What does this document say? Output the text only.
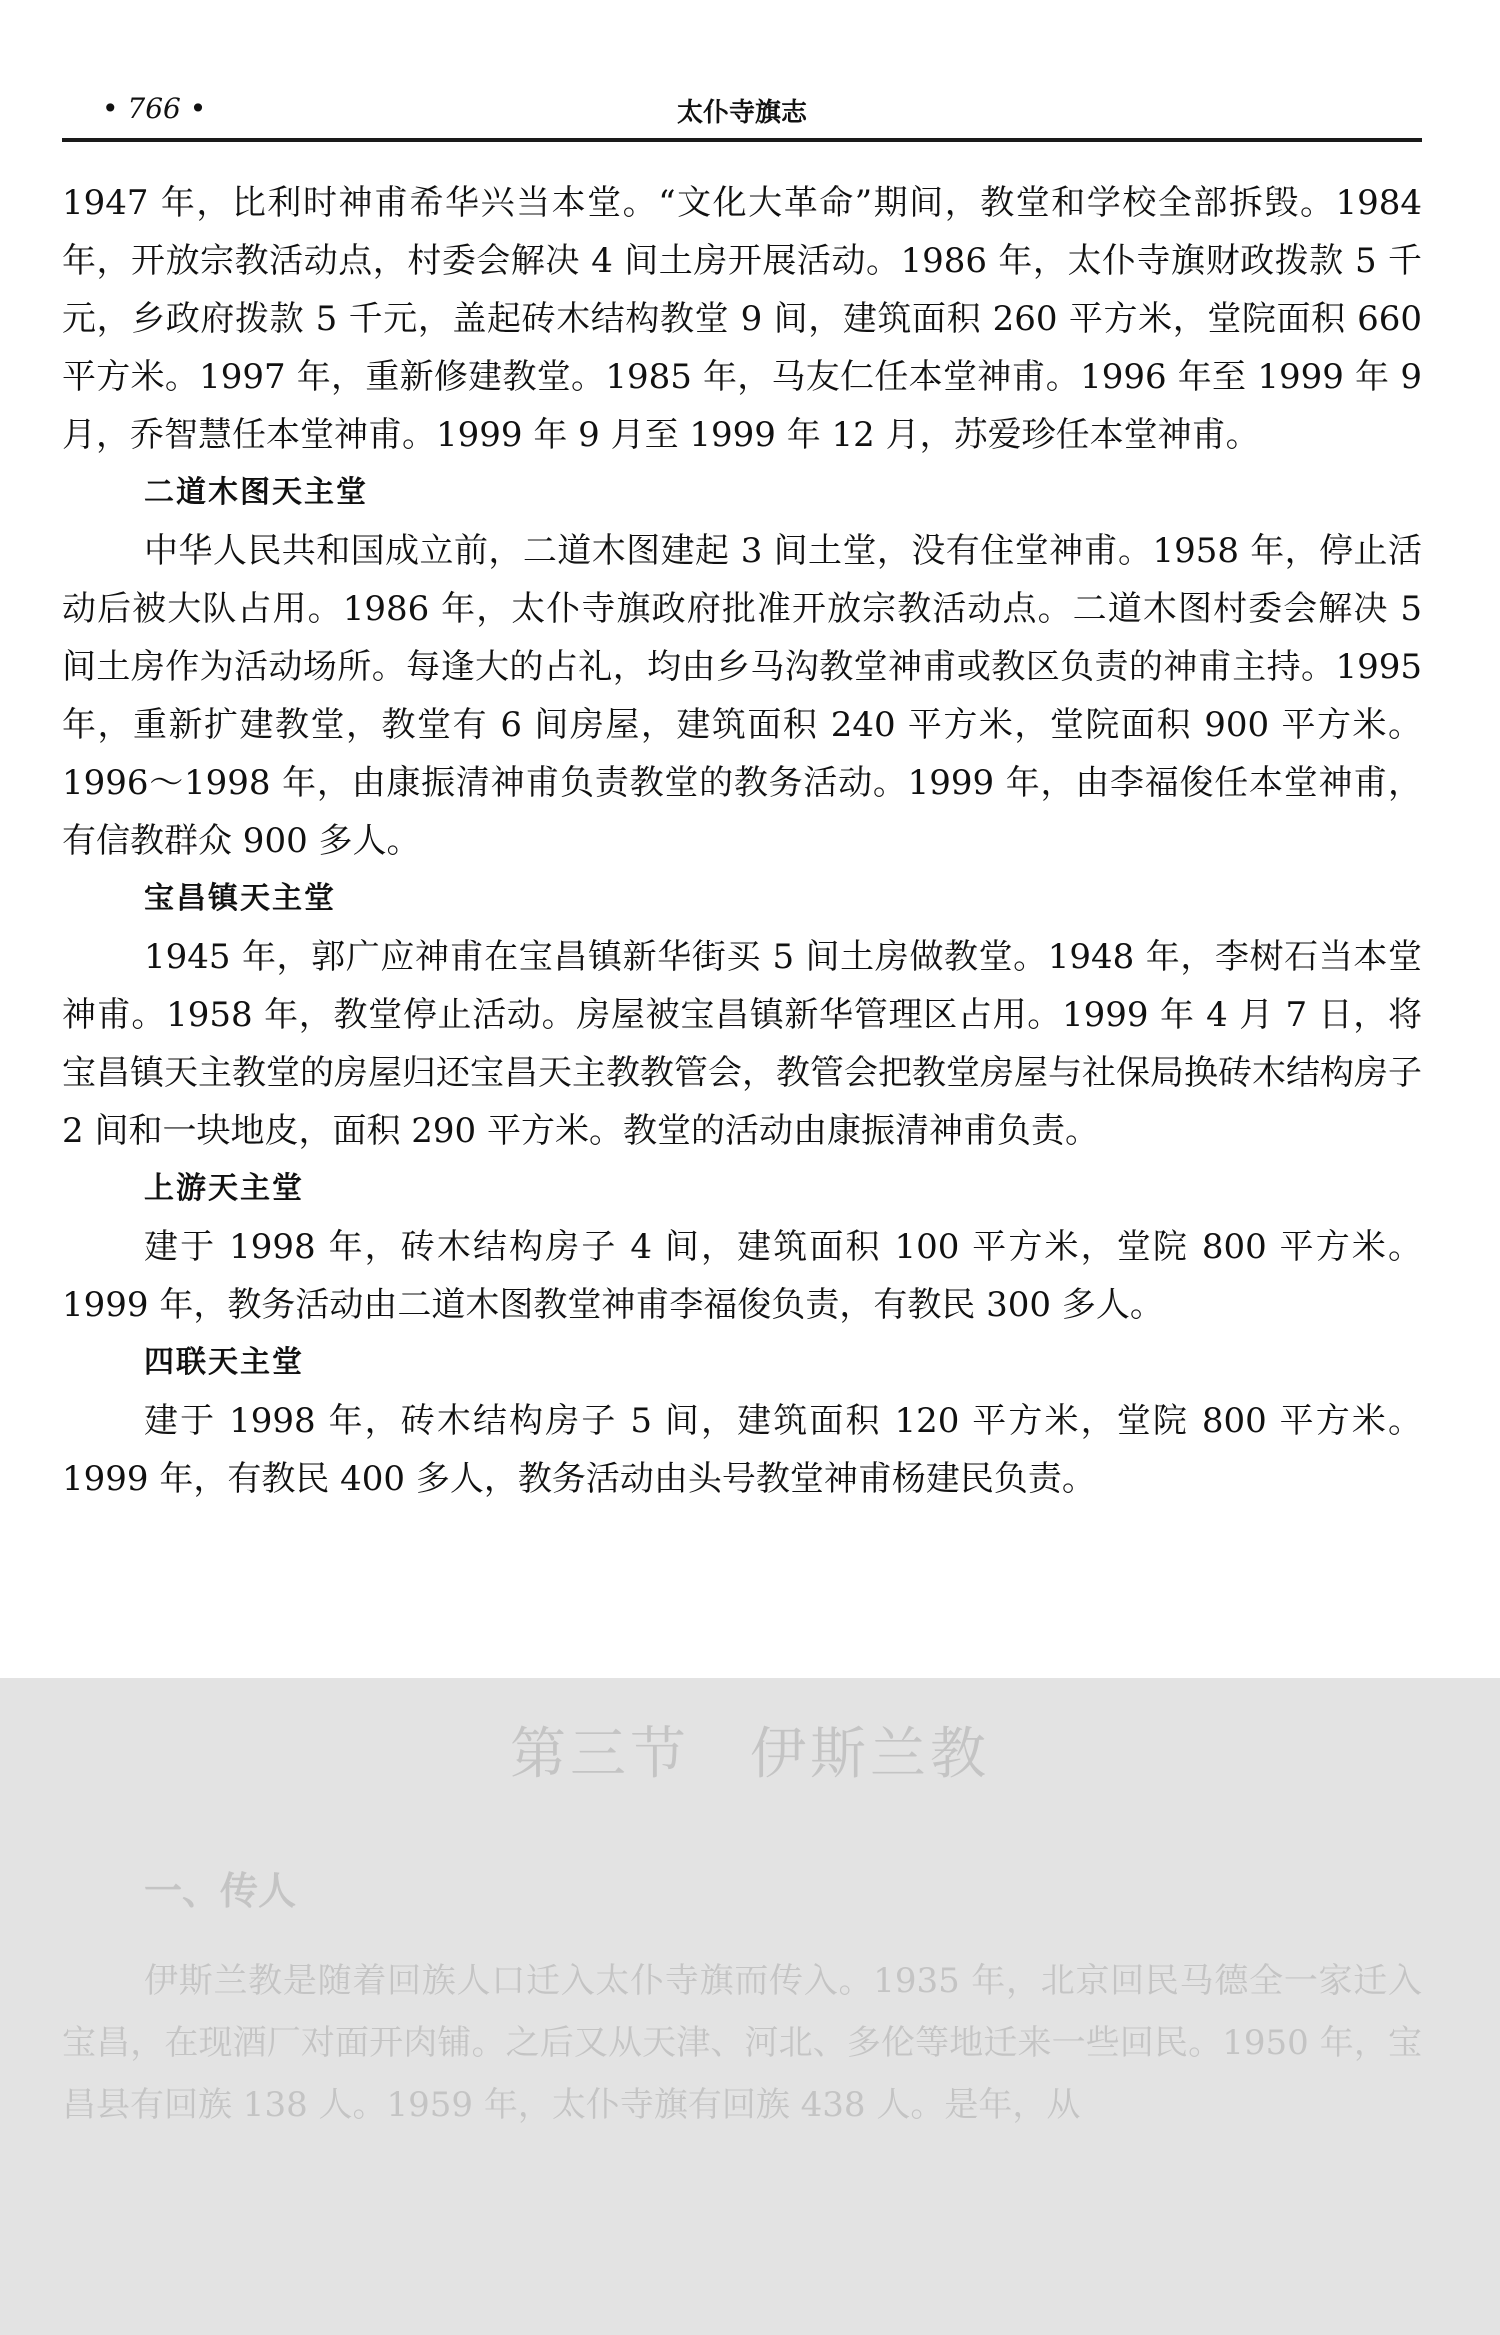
• 766 •	太仆寺旗志

1947 年，比利时神甫希华兴当本堂。“文化大革命”期间，教堂和学校全部拆毁。1984 年，开放宗教活动点，村委会解决 4 间土房开展活动。1986 年，太仆寺旗财政拨款 5 千元，乡政府拨款 5 千元，盖起砖木结构教堂 9 间，建筑面积 260 平方米，堂院面积 660 平方米。1997 年，重新修建教堂。1985 年，马友仁任本堂神甫。1996 年至 1999 年 9 月，乔智慧任本堂神甫。1999 年 9 月至 1999 年 12 月，苏爱珍任本堂神甫。

二道木图天主堂

中华人民共和国成立前，二道木图建起 3 间土堂，没有住堂神甫。1958 年，停止活动后被大队占用。1986 年，太仆寺旗政府批准开放宗教活动点。二道木图村委会解决 5 间土房作为活动场所。每逢大的占礼，均由乡马沟教堂神甫或教区负责的神甫主持。1995 年，重新扩建教堂，教堂有 6 间房屋，建筑面积 240 平方米，堂院面积 900 平方米。1996～1998 年，由康振清神甫负责教堂的教务活动。1999 年，由李福俊任本堂神甫，有信教群众 900 多人。

宝昌镇天主堂

1945 年，郭广应神甫在宝昌镇新华街买 5 间土房做教堂。1948 年，李树石当本堂神甫。1958 年，教堂停止活动。房屋被宝昌镇新华管理区占用。1999 年 4 月 7 日，将宝昌镇天主教堂的房屋归还宝昌天主教教管会，教管会把教堂房屋与社保局换砖木结构房子 2 间和一块地皮，面积 290 平方米。教堂的活动由康振清神甫负责。

上游天主堂

建于 1998 年，砖木结构房子 4 间，建筑面积 100 平方米，堂院 800 平方米。1999 年，教务活动由二道木图教堂神甫李福俊负责，有教民 300 多人。

四联天主堂

建于 1998 年，砖木结构房子 5 间，建筑面积 120 平方米，堂院 800 平方米。1999 年，有教民 400 多人，教务活动由头号教堂神甫杨建民负责。

第三节 伊斯兰教
一、传人

伊斯兰教是随着回族人口迁入太仆寺旗而传入。1935 年，北京回民马德全一家迁入宝昌，在现酒厂对面开肉铺。之后又从天津、河北、多伦等地迁来一些回民。1950 年，宝昌县有回族 138 人。1959 年，太仆寺旗有回族 438 人。是年，从
